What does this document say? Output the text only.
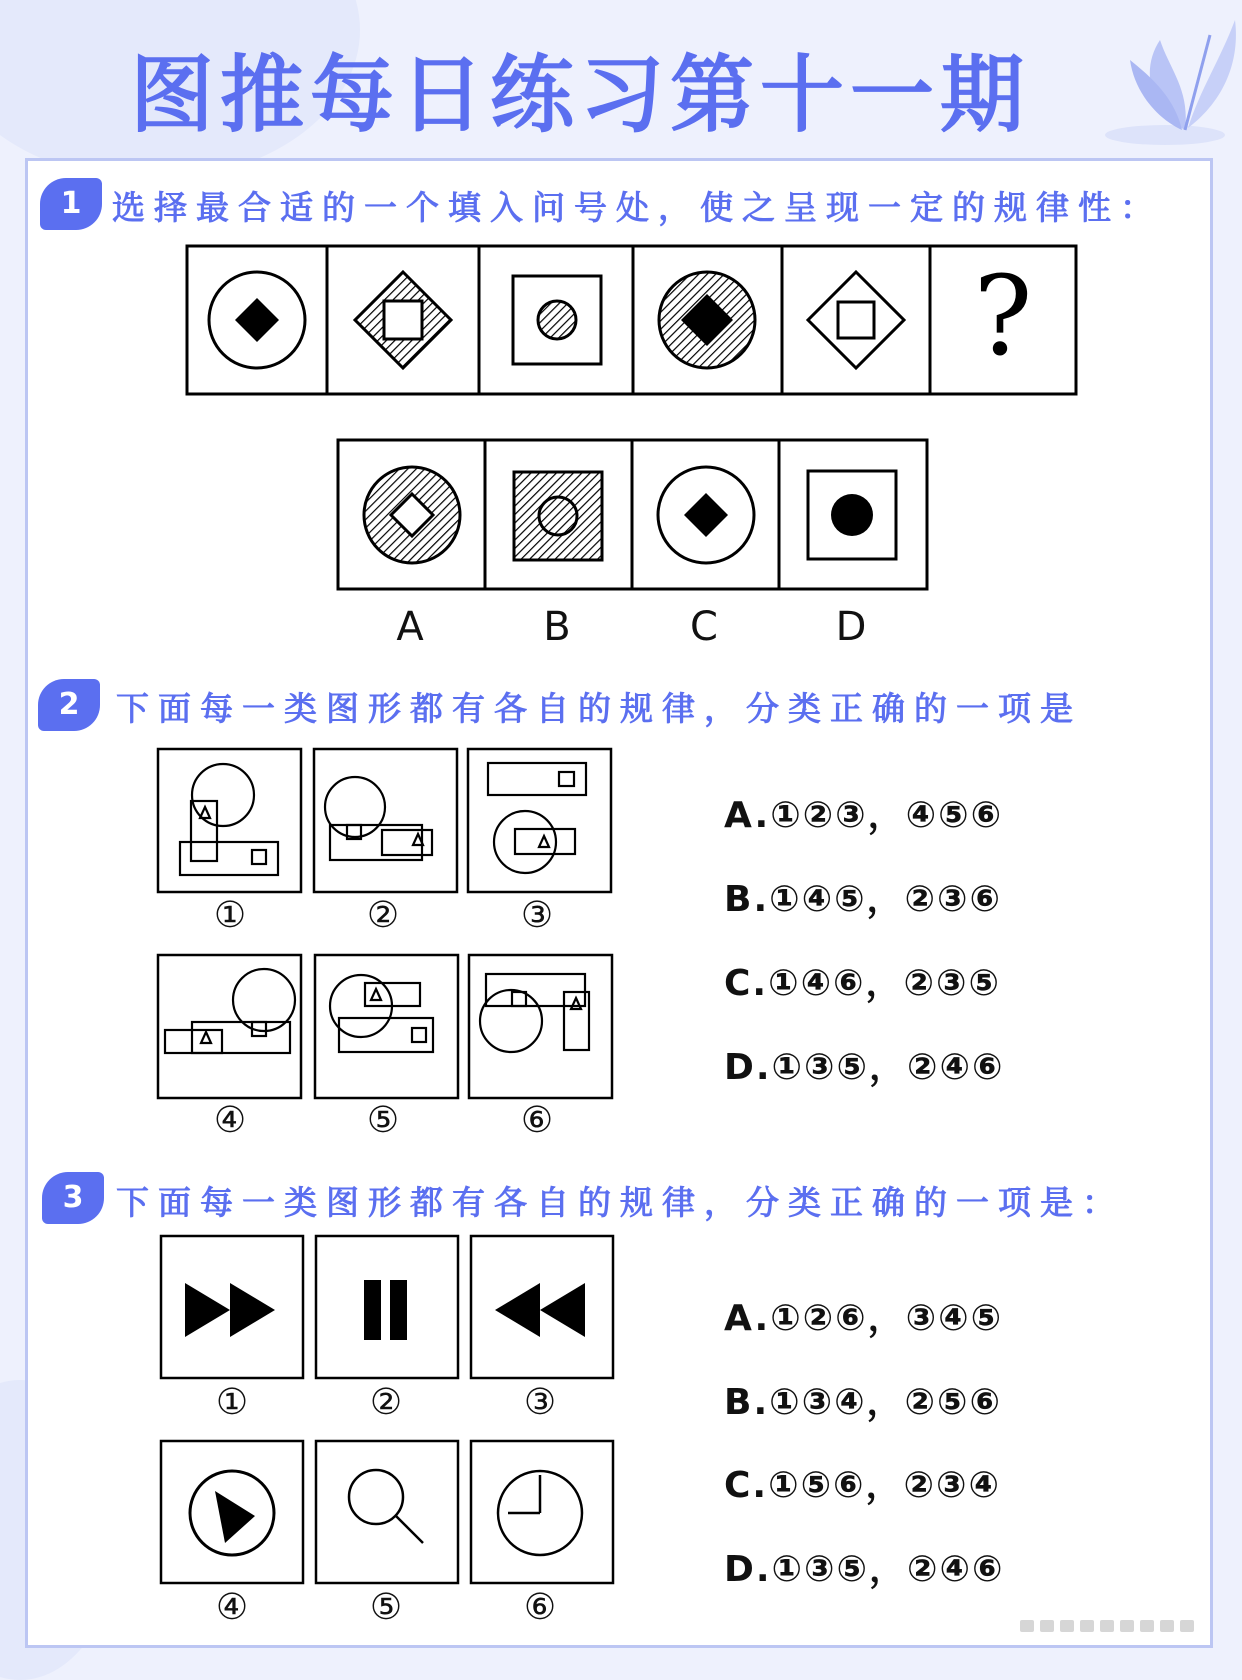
图推每日练习第十一期
1 选择最合适的一个填入问号处，使之呈现一定的规律性：
?
A	B	C	D
2	下面每一类图形都有各自的规律，分类正确的一项是
①	②	③
④	⑤	⑥
A.①②③，④⑤⑥
B.①④⑤，②③⑥
C.①④⑥，②③⑤
D.①③⑤，②④⑥
3 下面每一类图形都有各自的规律，分类正确的一项是：
①	②	③
④	⑤	⑥
A.①②⑥，③④⑤
B.①③④，②⑤⑥
C.①⑤⑥，②③④
D.①③⑤，②④⑥
